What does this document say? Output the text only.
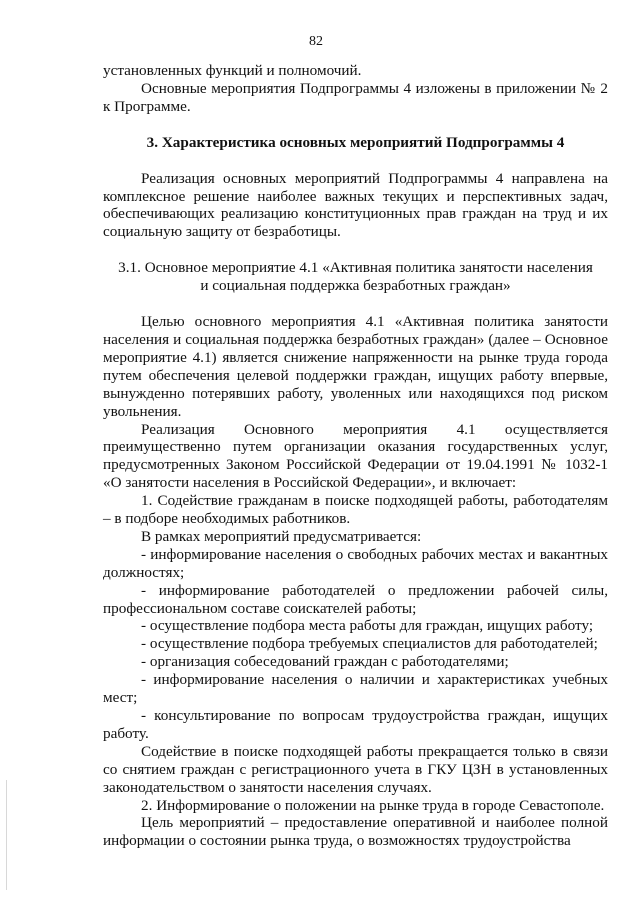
82

установленных функций и полномочий.

Основные мероприятия Подпрограммы 4 изложены в приложении № 2 к Программе.

3. Характеристика основных мероприятий Подпрограммы 4

Реализация основных мероприятий Подпрограммы 4 направлена на комплексное решение наиболее важных текущих и перспективных задач, обеспечивающих реализацию конституционных прав граждан на труд и их социальную защиту от безработицы.

3.1. Основное мероприятие 4.1 «Активная политика занятости населения
и социальная поддержка безработных граждан»

Целью основного мероприятия 4.1 «Активная политика занятости населения и социальная поддержка безработных граждан» (далее – Основное мероприятие 4.1) является снижение напряженности на рынке труда города путем обеспечения целевой поддержки граждан, ищущих работу впервые, вынужденно потерявших работу, уволенных или находящихся под риском увольнения.

Реализация Основного мероприятия 4.1 осуществляется преимущественно путем организации оказания государственных услуг, предусмотренных Законом Российской Федерации от 19.04.1991 № 1032-1 «О занятости населения в Российской Федерации», и включает:

1. Содействие гражданам в поиске подходящей работы, работодателям – в подборе необходимых работников.

В рамках мероприятий предусматривается:

- информирование населения о свободных рабочих местах и вакантных должностях;

- информирование работодателей о предложении рабочей силы, профессиональном составе соискателей работы;

- осуществление подбора места работы для граждан, ищущих работу;

- осуществление подбора требуемых специалистов для работодателей;

- организация собеседований граждан с работодателями;

- информирование населения о наличии и характеристиках учебных мест;

- консультирование по вопросам трудоустройства граждан, ищущих работу.

Содействие в поиске подходящей работы прекращается только в связи со снятием граждан с регистрационного учета в ГКУ ЦЗН в установленных законодательством о занятости населения случаях.

2. Информирование о положении на рынке труда в городе Севастополе.

Цель мероприятий – предоставление оперативной и наиболее полной информации о состоянии рынка труда, о возможностях трудоустройства
